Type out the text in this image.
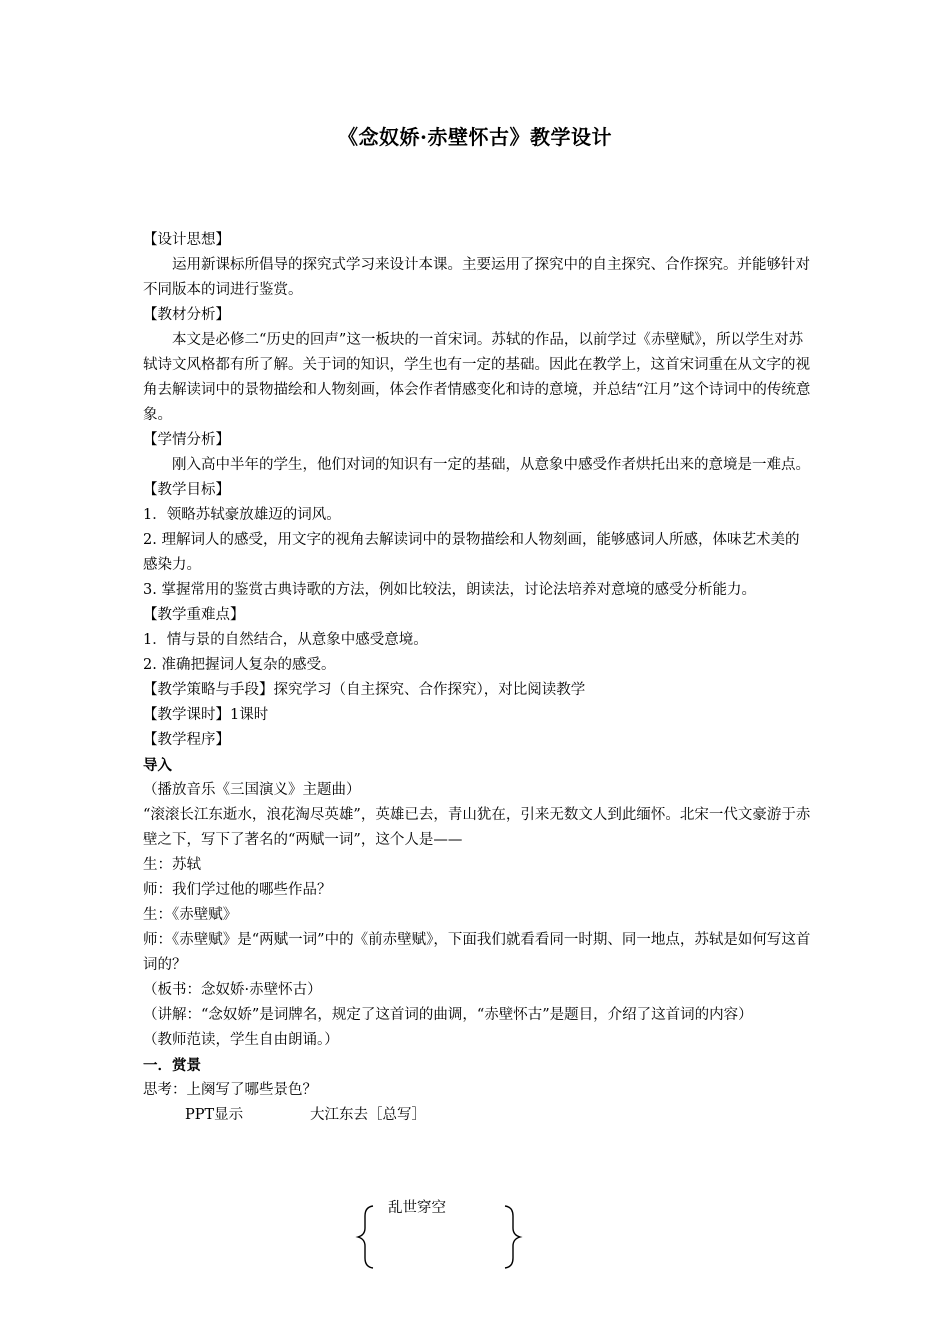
《念奴娇·赤壁怀古》教学设计

【设计思想】

运用新课标所倡导的探究式学习来设计本课。主要运用了探究中的自主探究、合作探究。并能够针对不同版本的词进行鉴赏。

【教材分析】

本文是必修二“历史的回声”这一板块的一首宋词。苏轼的作品，以前学过《赤壁赋》，所以学生对苏轼诗文风格都有所了解。关于词的知识，学生也有一定的基础。因此在教学上，这首宋词重在从文字的视角去解读词中的景物描绘和人物刻画，体会作者情感变化和诗的意境，并总结“江月”这个诗词中的传统意象。

【学情分析】

刚入高中半年的学生，他们对词的知识有一定的基础，从意象中感受作者烘托出来的意境是一难点。

【教学目标】

1．领略苏轼豪放雄迈的词风。

2. 理解词人的感受，用文字的视角去解读词中的景物描绘和人物刻画，能够感词人所感，体味艺术美的感染力。

3. 掌握常用的鉴赏古典诗歌的方法，例如比较法，朗读法，讨论法培养对意境的感受分析能力。

【教学重难点】

1．情与景的自然结合，从意象中感受意境。

2. 准确把握词人复杂的感受。

【教学策略与手段】探究学习（自主探究、合作探究），对比阅读教学

【教学课时】1课时

【教学程序】

导入

（播放音乐《三国演义》主题曲）

“滚滚长江东逝水，浪花淘尽英雄”，英雄已去，青山犹在，引来无数文人到此缅怀。北宋一代文豪游于赤壁之下，写下了著名的“两赋一词”，这个人是——

生：苏轼

师：我们学过他的哪些作品？

生：《赤壁赋》

师：《赤壁赋》是“两赋一词”中的《前赤壁赋》，下面我们就看看同一时期、同一地点，苏轼是如何写这首词的？

（板书：念奴娇·赤壁怀古）

（讲解：“念奴娇”是词牌名，规定了这首词的曲调，“赤壁怀古”是题目，介绍了这首词的内容）

（教师范读，学生自由朗诵。）

一．赏景

思考：上阕写了哪些景色？

PPT显示	大江东去［总写］
乱世穿空
